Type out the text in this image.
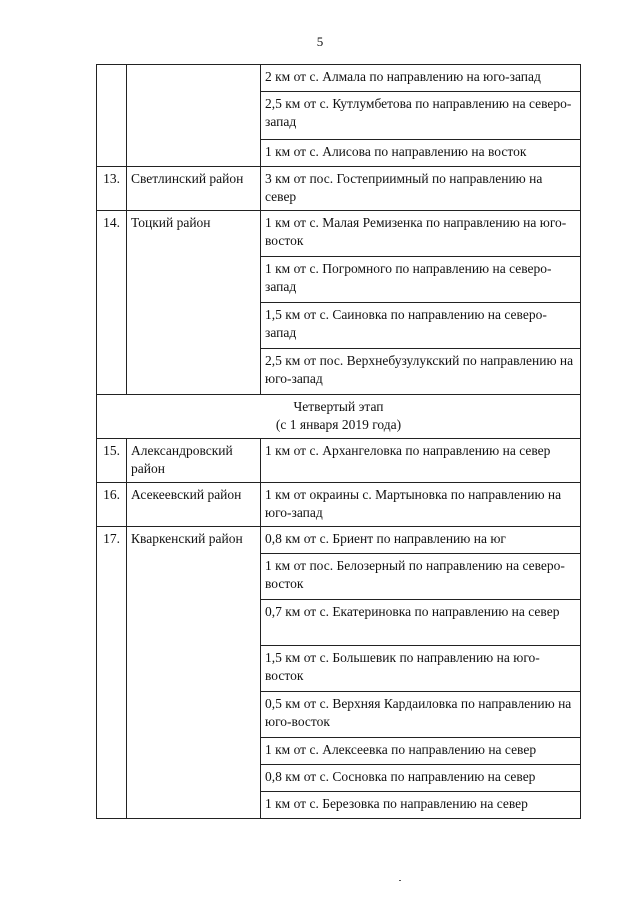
5
		2 км от с. Алмала по направлению на юго-запад
		2,5 км от с. Кутлумбетова по направлению на северо-запад
		1 км от с. Алисова по направлению на восток
13.	Светлинский район	3 км от пос. Гостеприимный по направлению на север
14.	Тоцкий район	1 км от с. Малая Ремизенка по направлению на юго-восток
		1 км от с. Погромного по направлению на северо-запад
		1,5 км от с. Саиновка по направлению на северо-запад
		2,5 км от пос. Верхнебузулукский по направлению на юго-запад

Четвертый этап
(с 1 января 2019 года)		

15.	Александровский район	1 км от с. Архангеловка по направлению на север
16.	Асекеевский район	1 км от окраины с. Мартыновка по направлению на юго-запад
17.	Кваркенский район	0,8 км от с. Бриент по направлению на юг
		1 км от пос. Белозерный по направлению на северо-восток
		0,7 км от с. Екатериновка по направлению на север
		1,5 км от с. Большевик по направлению на юго-восток
		0,5 км от с. Верхняя Кардаиловка по направлению на юго-восток
		1 км от с. Алексеевка по направлению на север
		0,8 км от с. Сосновка по направлению на север
		1 км от с. Березовка по направлению на север
